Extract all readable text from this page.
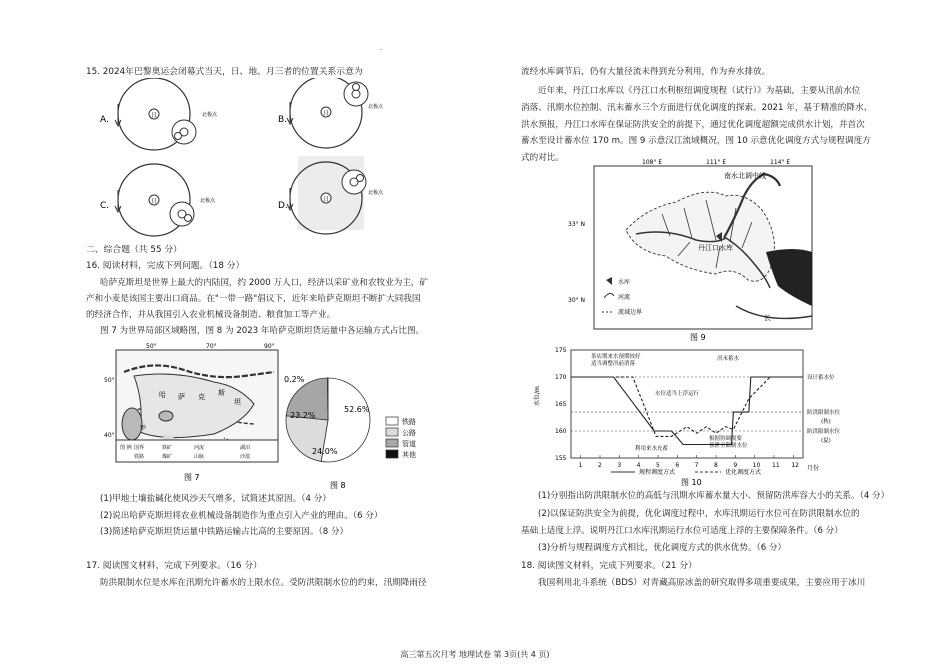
·
15. 2024年巴黎奥运会闭幕式当天，日、地、月三者的位置关系示意为
A.	日	北极点	B.
日
北极点
C.	日	北极点	D.
日
北极点
二、综合题（共 55 分）
16. 阅读材料，完成下列问题。（18 分）
哈萨克斯坦是世界上最大的内陆国，约 2000 万人口，经济以采矿业和农牧业为主，矿
产和小麦是该国主要出口商品。在"一带一路"倡议下，近年来哈萨克斯坦不断扩大同我国
的经济合作，并从我国引入农业机械设备制造、粮食加工等产业。
图 7 为世界局部区域略图，图 8 为 2023 年哈萨克斯坦货运量中各运输方式占比图。
50°	70°	90°
50°
40°
哈 萨 克 斯
坦
甲
图 例 国界	铁矿	河流	湖泊
铁路	煤矿	山脉	沙漠
图 7
52.6%
24.0%
23.2%
0.2%
铁路
公路
管道
其他
图 8
(1)甲地土壤盐碱化使风沙天气增多，试简述其原因。（4 分）
(2)说出哈萨克斯坦将农业机械设备制造作为重点引入产业的理由。（6 分）
(3)简述哈萨克斯坦货运量中铁路运输占比高的主要原因。（8 分）
17. 阅读图文材料，完成下列要求。（16 分）
防洪限制水位是水库在汛期允许蓄水的上限水位。受防洪限制水位的约束，汛期降雨径
流经水库调节后，仍有大量径流未得到充分利用，作为弃水排放。
近年来，丹江口水库以《丹江口水利枢纽调度规程（试行）》为基础，主要从汛前水位
消落、汛期水位控制、汛末蓄水三个方面进行优化调度的探索。2021 年，基于精准的降水、
洪水预报，丹江口水库在保证防洪安全的前提下，通过优化调度超额完成供水计划，并首次
蓄水至设计蓄水位 170 m。图 9 示意汉江流域概况，图 10 示意优化调度方式与规程调度方
式的对比。	108° E	111° E	114° E
33° N
30° N
南水北调中线
丹江口水库
长
水库
河流
流域边界
图 9
1	2	3	4	5	6	7	8	9	10 11 12
155
160
165
170
175
设计蓄水位
防洪限制水位
(秋)
防洪限制水位
(夏)
茶店期来水预期较好
适当调整汛前消落
水位适当上浮运行
汛末蓄水
利用来水充蓄
根据协调需要
预泄至限制水位
水位/m
月份
规程调度方式	优化调度方式
图 10
(1)分别指出防洪限制水位的高低与汛期水库蓄水量大小、预留防洪库容大小的关系。（4 分）
(2)以保证防洪安全为前提，优化调度过程中，水库汛期运行水位可在防洪限制水位的
基础上适度上浮。说明丹江口水库汛期运行水位可适度上浮的主要保障条件。（6 分）
(3)分析与规程调度方式相比，优化调度方式的供水优势。（6 分）
18. 阅读图文材料，完成下列要求。（21 分）
我国利用北斗系统（BDS）对青藏高原冰盖的研究取得多项重要成果，主要应用于冰川
高三第五次月考 地理试卷 第 3页(共 4 页)
